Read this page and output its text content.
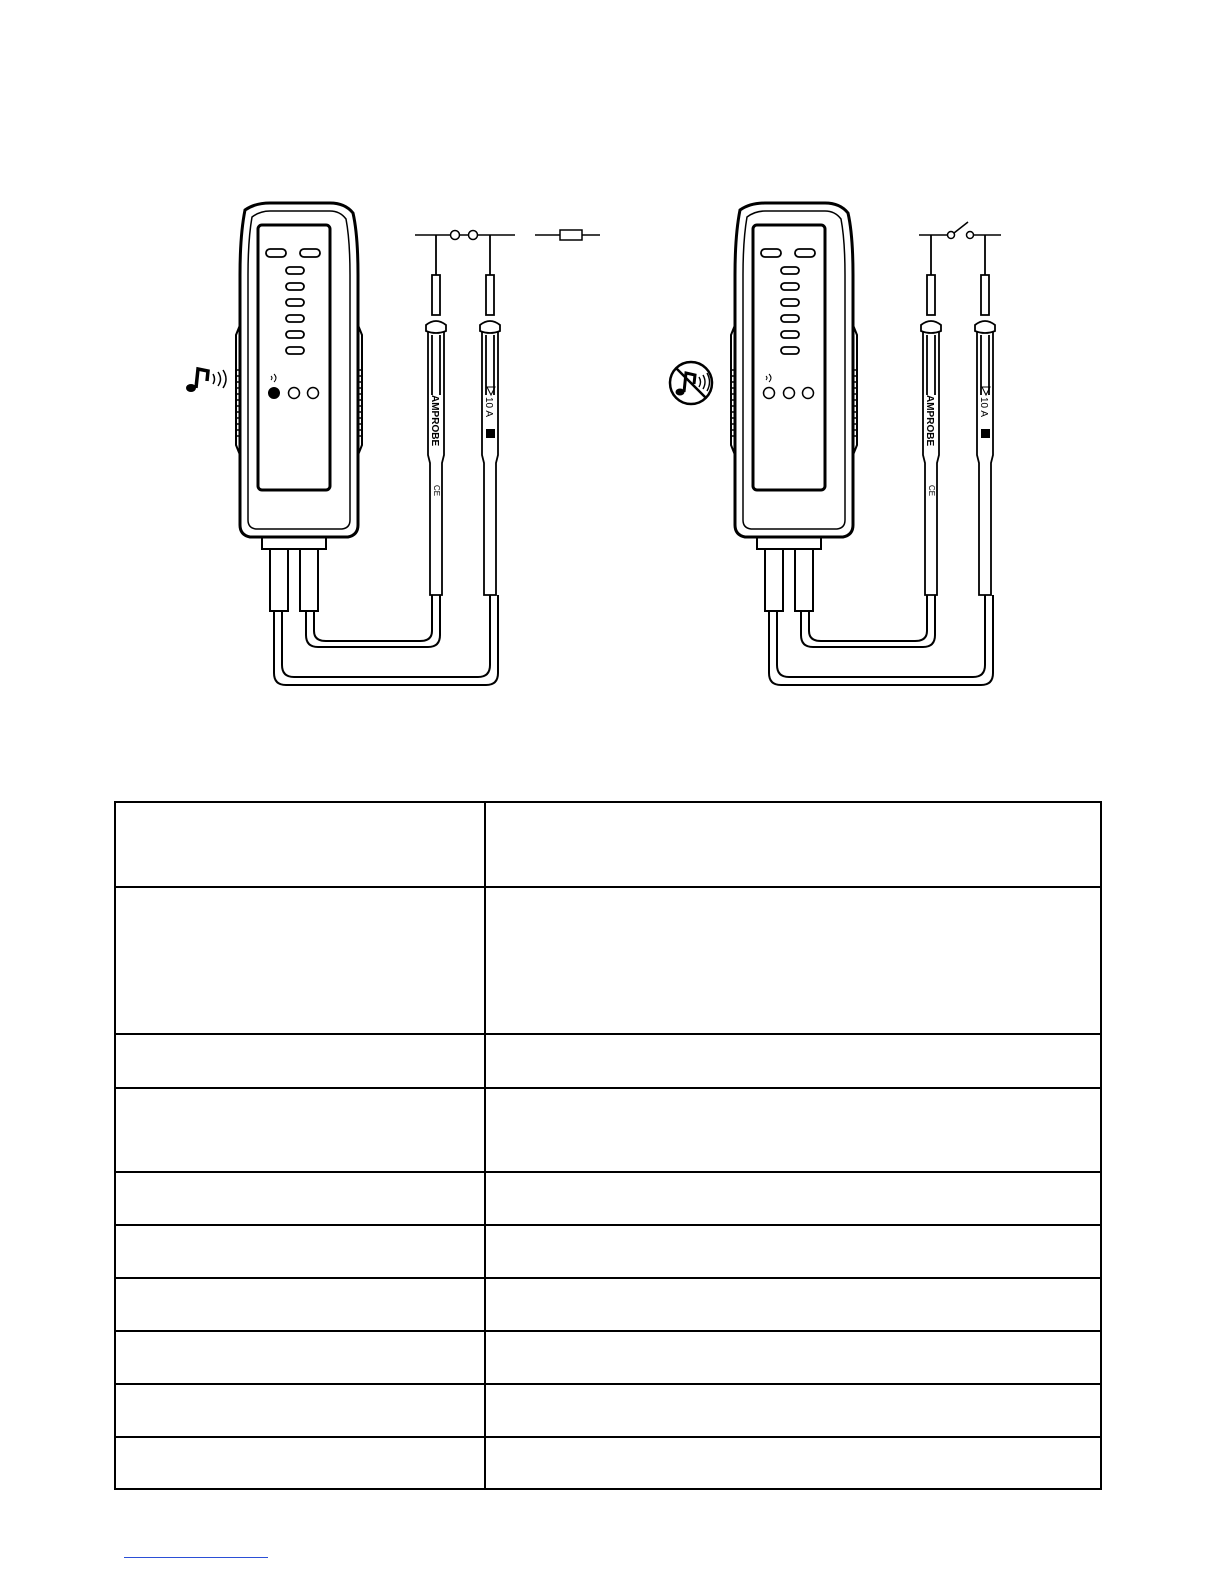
AMPROBE	10 A
CE
AMPROBE	10 A
CE
